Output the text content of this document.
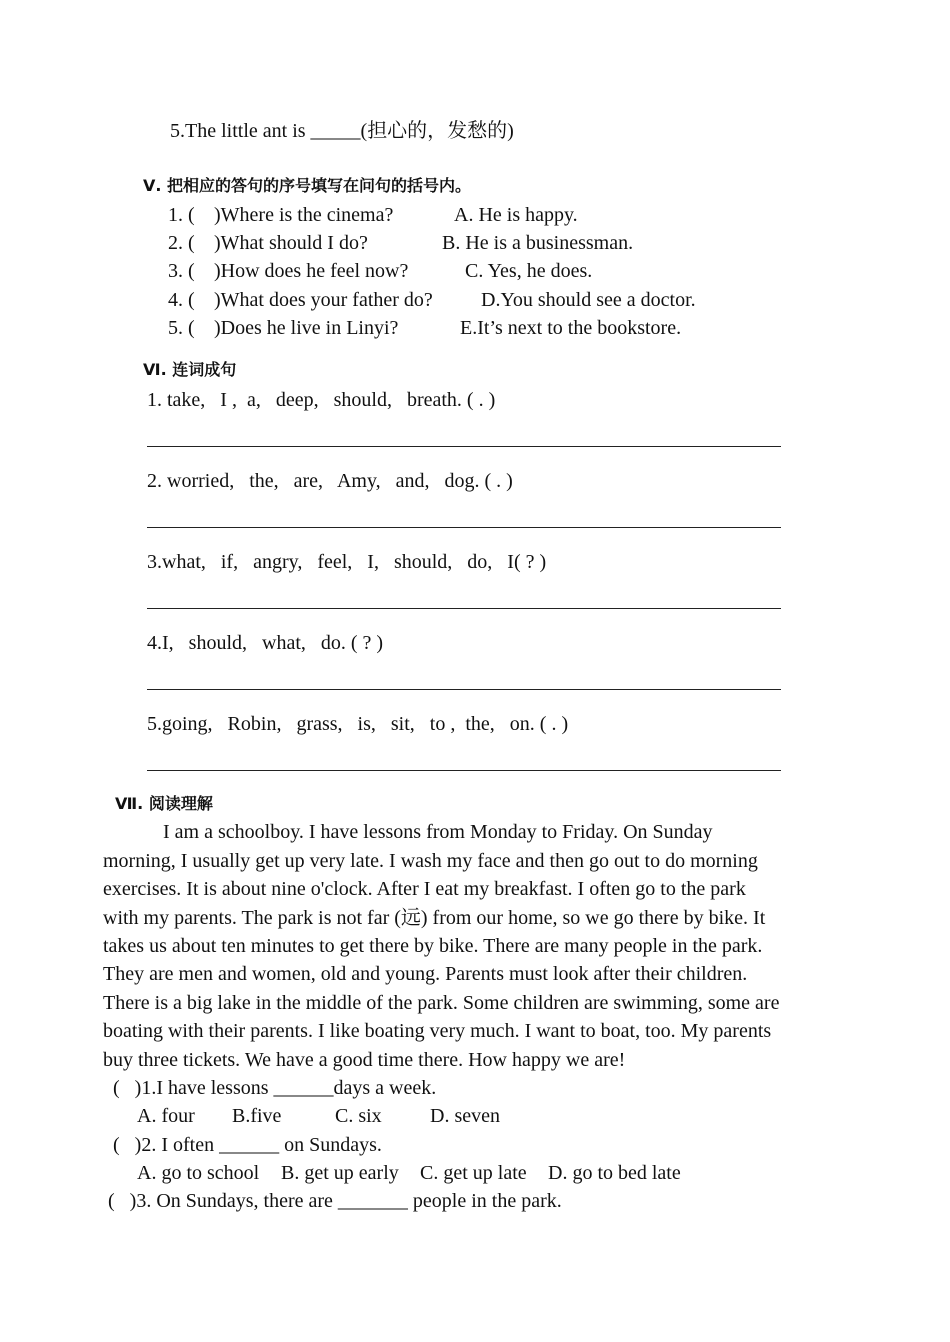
5.The little ant is _____(担心的，发愁的)
Ⅴ. 把相应的答句的序号填写在问句的括号内。
1. ( )Where is the cinema?	A. He is happy.
2. ( )What should I do?	B. He is a businessman.
3. ( )How does he feel now?	C. Yes, he does.
4. ( )What does your father do? D.You should see a doctor.
5. ( )Does he live in Linyi?	E.It’s next to the bookstore.
Ⅵ. 连词成句
1. take,   I ,  a,   deep,   should,   breath. ( . )
2. worried,   the,   are,   Amy,   and,   dog. ( . )
3.what,   if,   angry,   feel,   I,   should,   do,   I( ? )
4.I,   should,   what,   do. ( ? )
5.going,   Robin,   grass,   is,   sit,   to ,  the,   on. ( . )
Ⅶ. 阅读理解
I am a schoolboy. I have lessons from Monday to Friday. On Sunday
morning, I usually get up very late. I wash my face and then go out to do morning
exercises. It is about nine o'clock. After I eat my breakfast. I often go to the park
with my parents. The park is not far (远) from our home, so we go there by bike. It
takes us about ten minutes to get there by bike. There are many people in the park.
They are men and women, old and young. Parents must look after their children.
There is a big lake in the middle of the park. Some children are swimming, some are
boating with their parents. I like boating very much. I want to boat, too. My parents
buy three tickets. We have a good time there. How happy we are!
(   )1.I have lessons ______days a week.
A. four B.five	C. six D. seven
(   )2. I often ______ on Sundays.
A. go to school B. get up early C. get up late D. go to bed late
(   )3. On Sundays, there are _______ people in the park.
